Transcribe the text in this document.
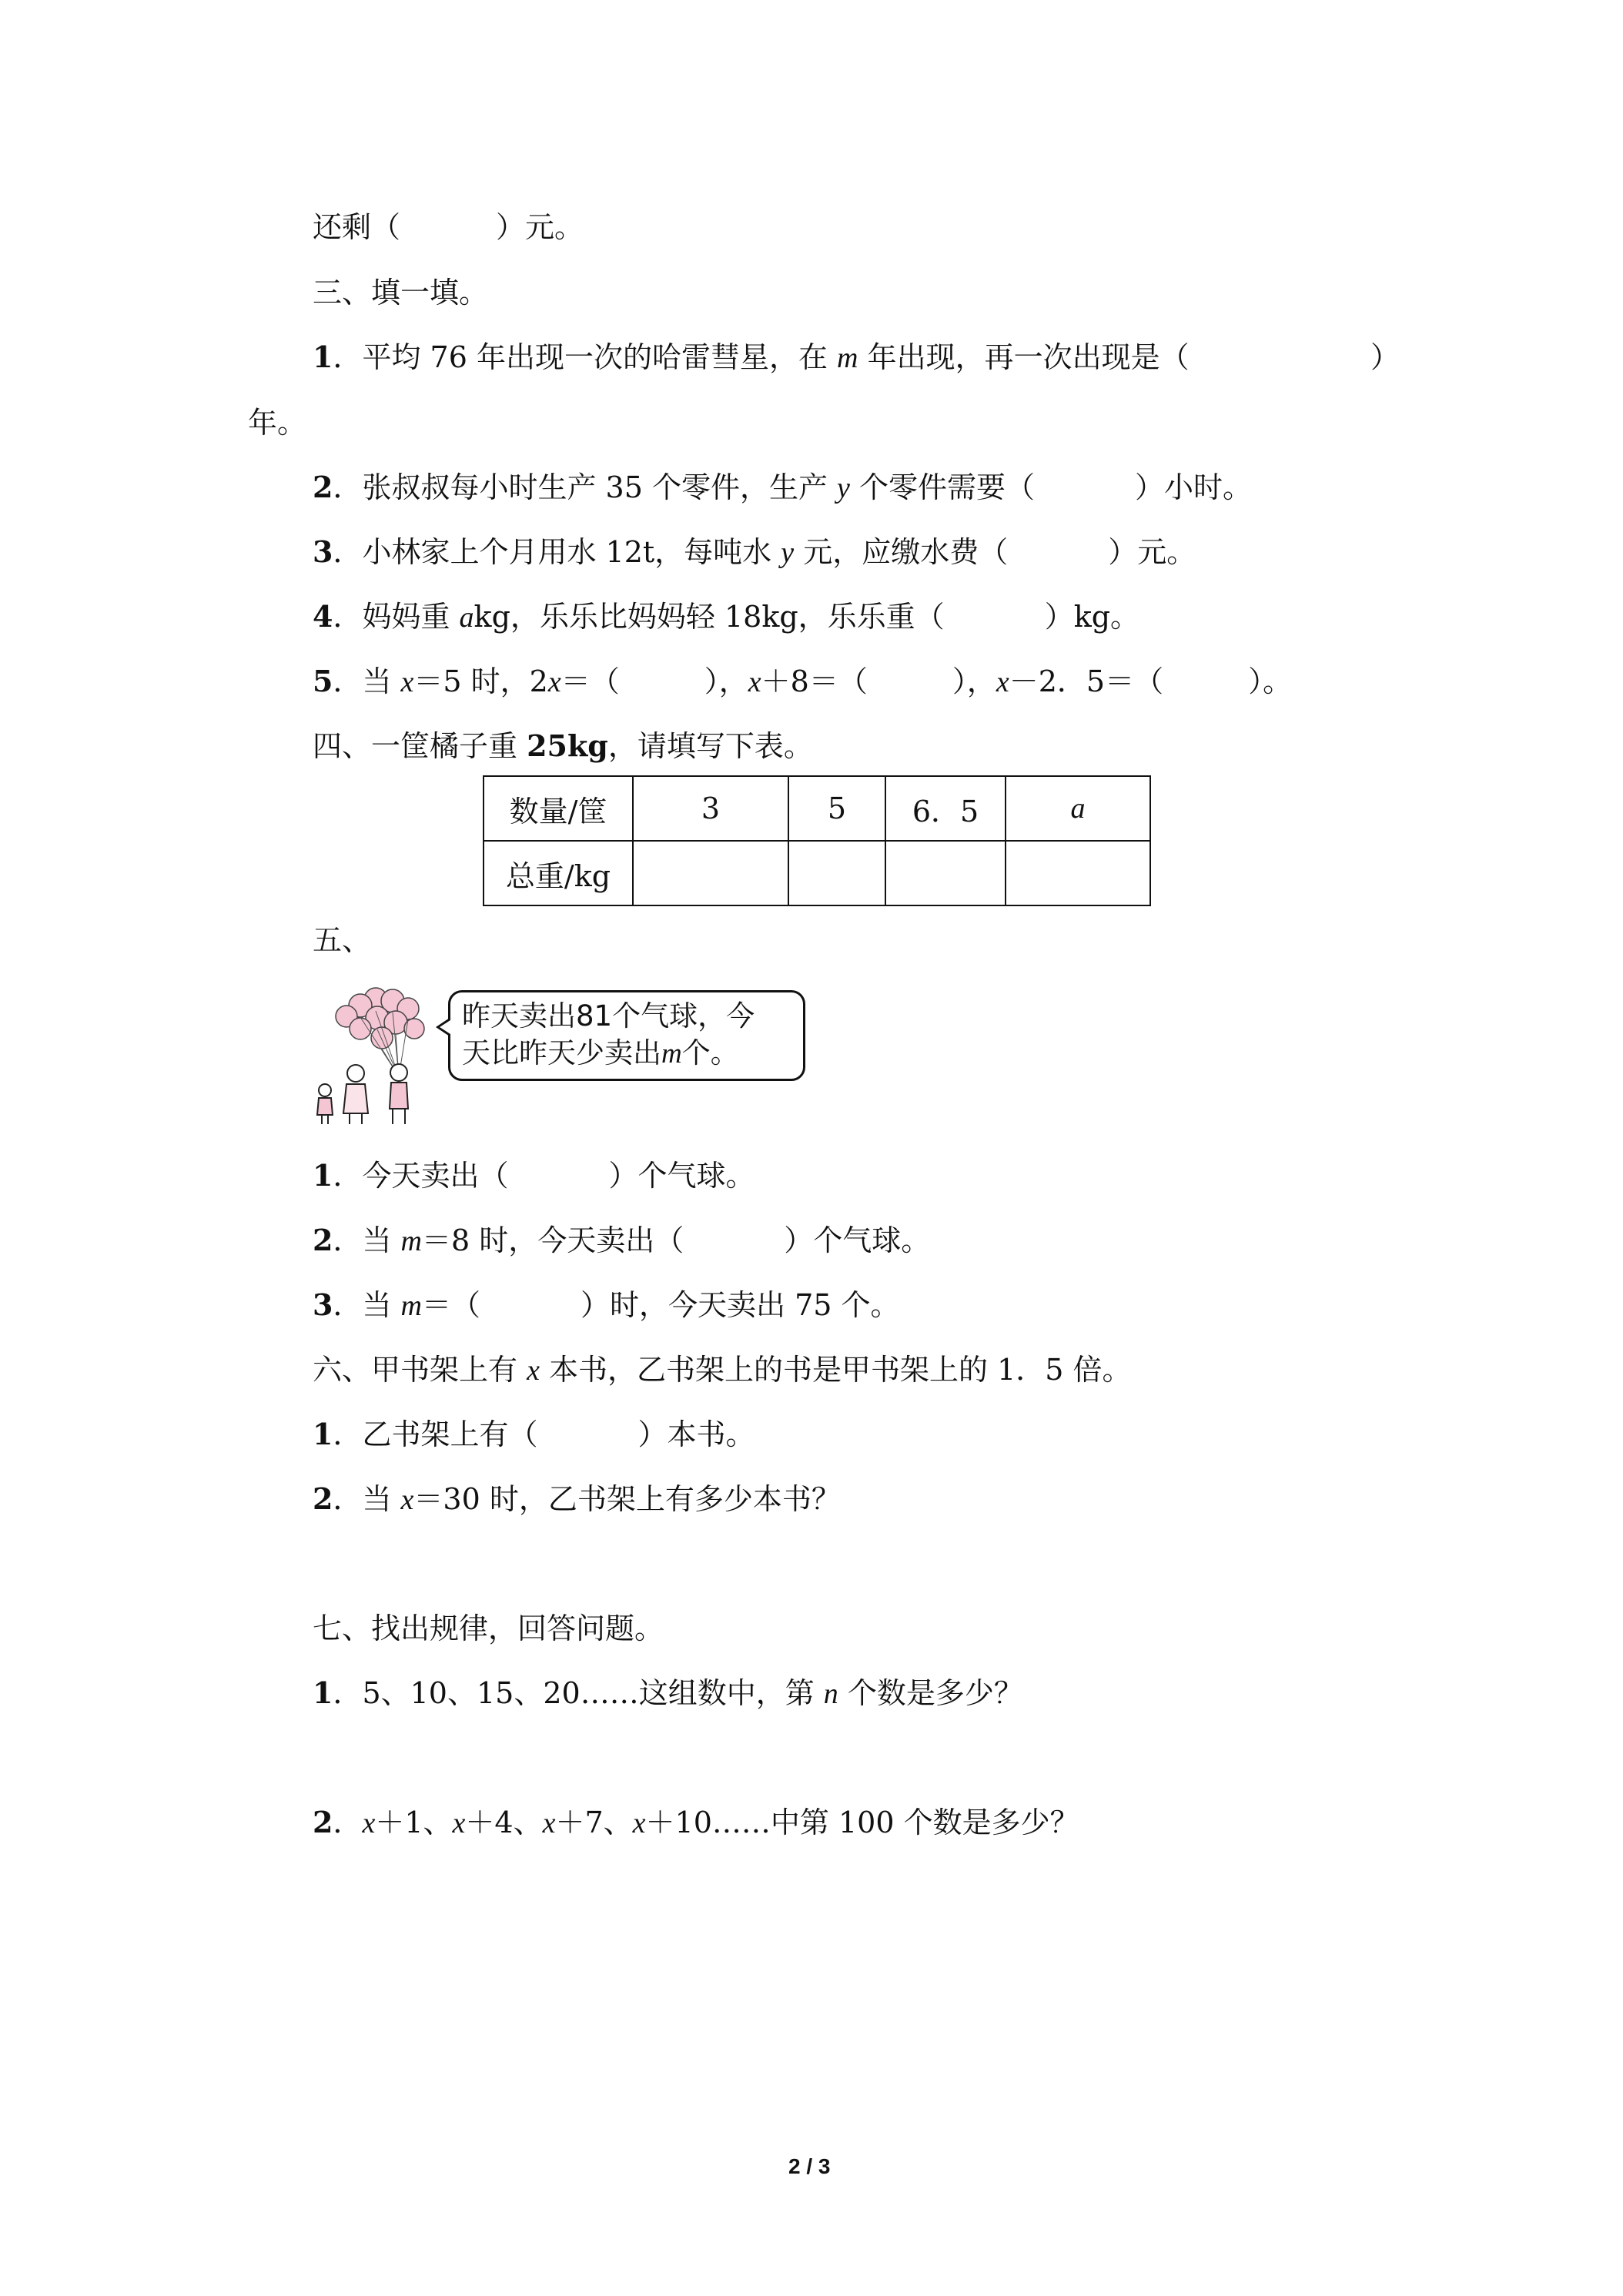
还剩（	）元。
三、填一填。
1．平均 76 年出现一次的哈雷彗星，在 m 年出现，再一次出现是（	）
年。
2．张叔叔每小时生产 35 个零件，生产 y 个零件需要（	）小时。
3．小林家上个月用水 12t，每吨水 y 元，应缴水费（	）元。
4．妈妈重 akg，乐乐比妈妈轻 18kg，乐乐重（	）kg。
5．当 x＝5 时，2x＝（	），x＋8＝（	），x－2．5＝（	）。
四、一筐橘子重 25kg，请填写下表。
数量/筐	3	5	6．5	a
总重/kg				
五、
昨天卖出81个气球，今
天比昨天少卖出m个。
1．今天卖出（	）个气球。
2．当 m＝8 时，今天卖出（	）个气球。
3．当 m＝（	）时，今天卖出 75 个。
六、甲书架上有 x 本书，乙书架上的书是甲书架上的 1．5 倍。
1．乙书架上有（	）本书。
2．当 x＝30 时，乙书架上有多少本书？
七、找出规律，回答问题。
1．5、10、15、20……这组数中，第 n 个数是多少？
2．x＋1、x＋4、x＋7、x＋10……中第 100 个数是多少？
2 / 3
